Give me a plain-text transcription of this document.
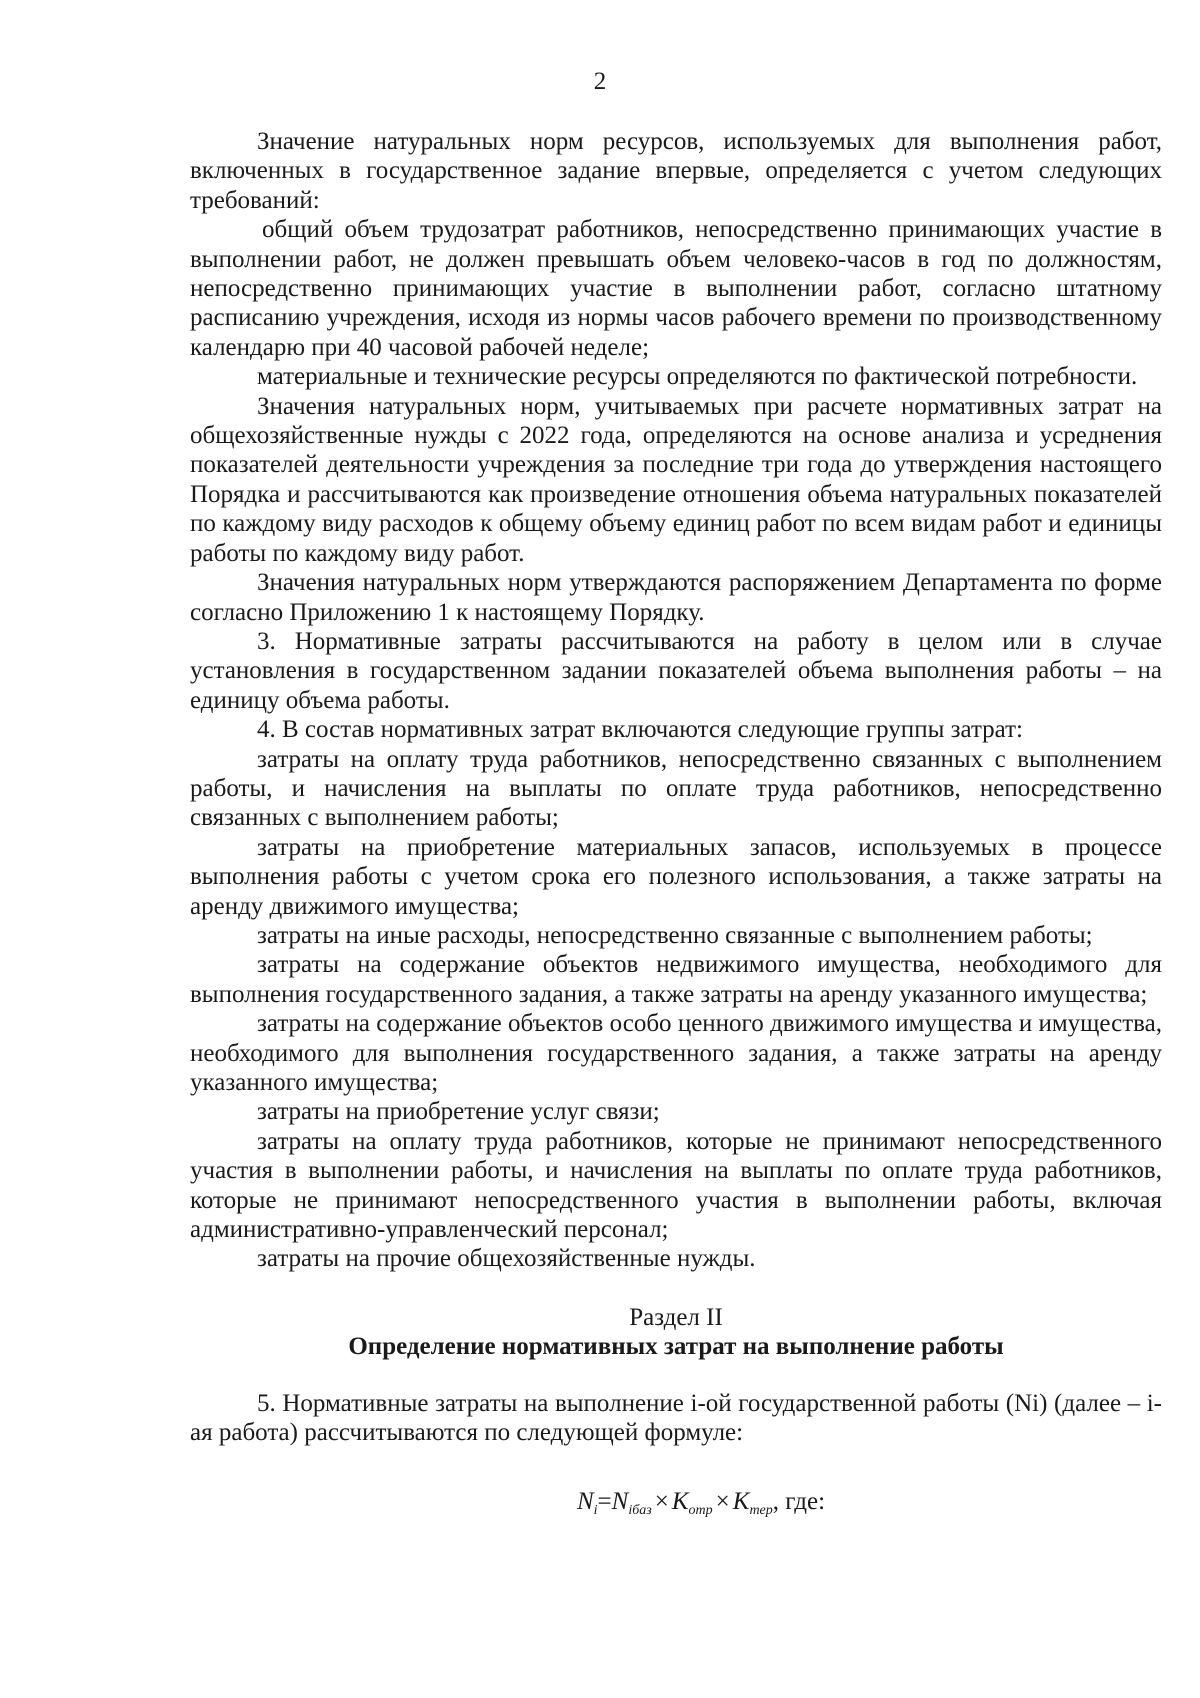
2

Значение натуральных норм ресурсов, используемых для выполнения работ, включенных в государственное задание впервые, определяется с учетом следующих требований:

общий объем трудозатрат работников, непосредственно принимающих участие в выполнении работ, не должен превышать объем человеко-часов в год по должностям, непосредственно принимающих участие в выполнении работ, согласно штатному расписанию учреждения, исходя из нормы часов рабочего времени по производственному календарю при 40 часовой рабочей неделе;

материальные и технические ресурсы определяются по фактической потребности.

Значения натуральных норм, учитываемых при расчете нормативных затрат на общехозяйственные нужды с 2022 года, определяются на основе анализа и усреднения показателей деятельности учреждения за последние три года до утверждения настоящего Порядка и рассчитываются как произведение отношения объема натуральных показателей по каждому виду расходов к общему объему единиц работ по всем видам работ и единицы работы по каждому виду работ.

Значения натуральных норм утверждаются распоряжением Департамента по форме согласно Приложению 1 к настоящему Порядку.

3. Нормативные затраты рассчитываются на работу в целом или в случае установления в государственном задании показателей объема выполнения работы – на единицу объема работы.

4. В состав нормативных затрат включаются следующие группы затрат:

затраты на оплату труда работников, непосредственно связанных с выполнением работы, и начисления на выплаты по оплате труда работников, непосредственно связанных с выполнением работы;

затраты на приобретение материальных запасов, используемых в процессе выполнения работы с учетом срока его полезного использования, а также затраты на аренду движимого имущества;

затраты на иные расходы, непосредственно связанные с выполнением работы;

затраты на содержание объектов недвижимого имущества, необходимого для выполнения государственного задания, а также затраты на аренду указанного имущества;

затраты на содержание объектов особо ценного движимого имущества и имущества, необходимого для выполнения государственного задания, а также затраты на аренду указанного имущества;

затраты на приобретение услуг связи;

затраты на оплату труда работников, которые не принимают непосредственного участия в выполнении работы, и начисления на выплаты по оплате труда работников, которые не принимают непосредственного участия в выполнении работы, включая административно-управленческий персонал;

затраты на прочие общехозяйственные нужды.

Раздел II
Определение нормативных затрат на выполнение работы

5. Нормативные затраты на выполнение i-ой государственной работы (Ni) (далее – i-ая работа) рассчитываются по следующей формуле:

$N_i=N_{iбаз} \times K_{отр} \times K_{тер}$, где:
